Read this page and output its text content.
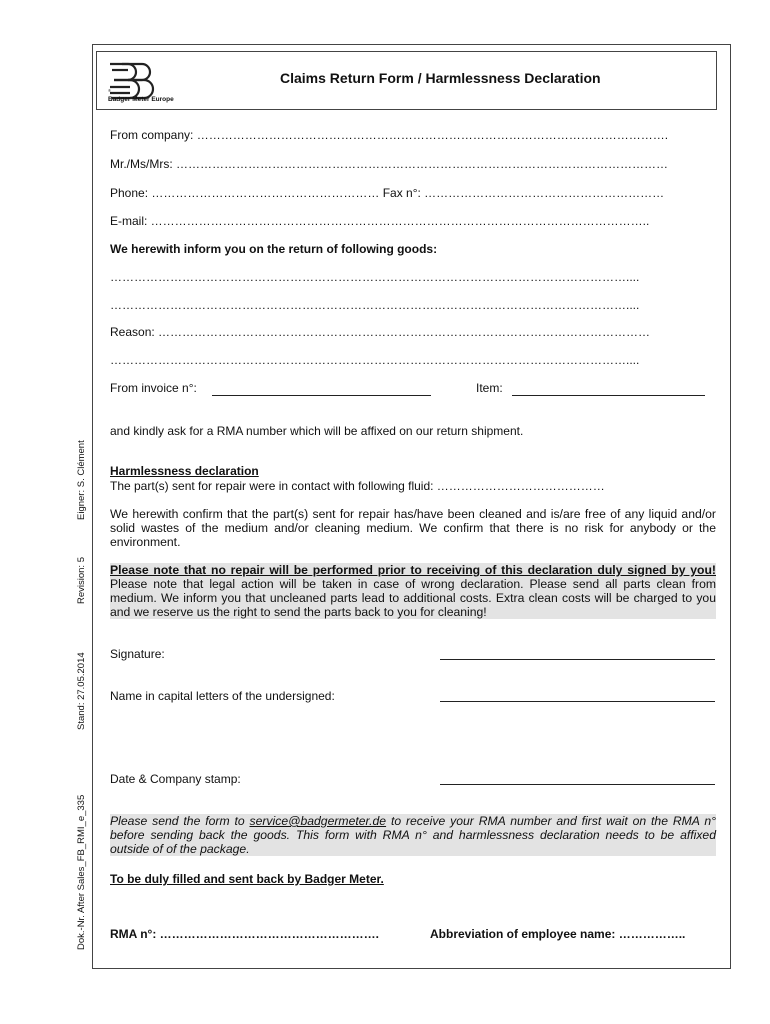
®
Badger Meter Europe
Claims Return Form / Harmlessness Declaration
From company: ……………………………………………………………………………………………………….
Mr./Ms/Mrs: ……………………………………………………………………………………………………………
Phone: ………………………………………………… Fax n°: ……………………………………………………
E-mail: ……………………………………………………………………………………………………………..
We herewith inform you on the return of following goods:
…………………………………………………………………………………………………………………....
…………………………………………………………………………………………………………………....
Reason: ……………………………………………………………………………………………………………
…………………………………………………………………………………………………………………....
From invoice n°:	Item:
and kindly ask for a RMA number which will be affixed on our return shipment.
Harmlessness declaration
The part(s) sent for repair were in contact with following fluid: ……………………………………
We herewith confirm that the part(s) sent for repair has/have been cleaned and is/are free of any liquid and/or solid wastes of the medium and/or cleaning medium. We confirm that there is no risk for anybody or the environment.
Please note that no repair will be performed prior to receiving of this declaration duly signed by you! Please note that legal action will be taken in case of wrong declaration. Please send all parts clean from medium. We inform you that uncleaned parts lead to additional costs. Extra clean costs will be charged to you and we reserve us the right to send the parts back to you for cleaning!
Signature:
Name in capital letters of the undersigned:
Date & Company stamp:
Please send the form to service@badgermeter.de to receive your RMA number and first wait on the RMA n° before sending back the goods. This form with RMA n° and harmlessness declaration needs to be affixed outside of of the package.
To be duly filled and sent back by Badger Meter.
RMA n°: ……………………………………………….	Abbreviation of employee name: ……………..
Dok.-Nr. After Sales_FB_RMI_e_335
Stand: 27.05.2014
Revision: 5
Eigner: S. Clément
